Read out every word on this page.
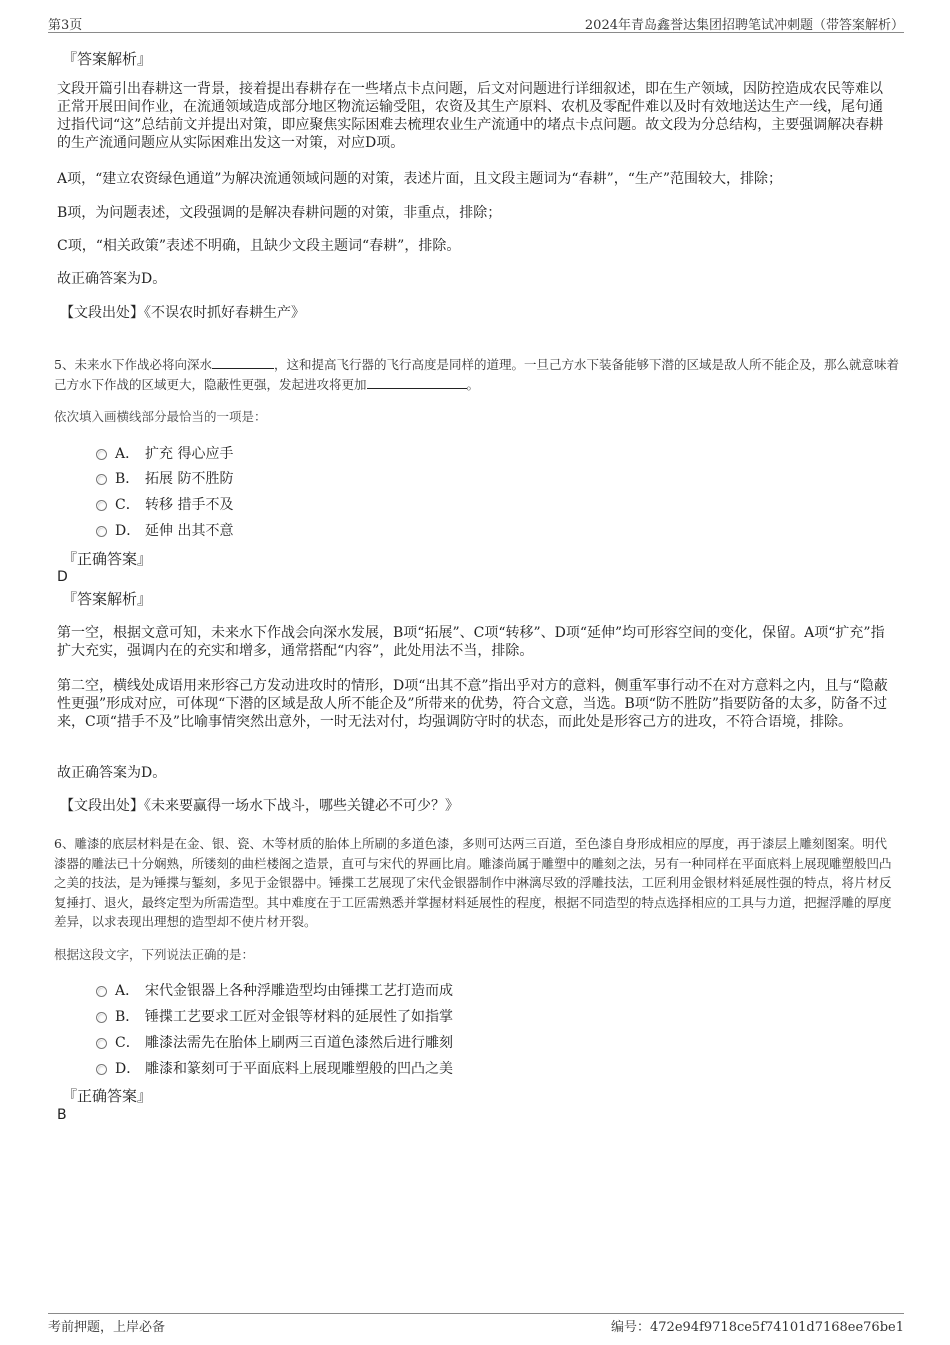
第3页	2024年青岛鑫誉达集团招聘笔试冲刺题（带答案解析）
『答案解析』
文段开篇引出春耕这一背景，接着提出春耕存在一些堵点卡点问题，后文对问题进行详细叙述，即在生产领域，因防控造成农民等难以正常开展田间作业，在流通领域造成部分地区物流运输受阻，农资及其生产原料、农机及零配件难以及时有效地送达生产一线，尾句通过指代词“这”总结前文并提出对策，即应聚焦实际困难去梳理农业生产流通中的堵点卡点问题。故文段为分总结构，主要强调解决春耕的生产流通问题应从实际困难出发这一对策，对应D项。
A项，“建立农资绿色通道”为解决流通领域问题的对策，表述片面，且文段主题词为“春耕”，“生产”范围较大，排除；
B项，为问题表述，文段强调的是解决春耕问题的对策，非重点，排除；
C项，“相关政策”表述不明确，且缺少文段主题词“春耕”，排除。
故正确答案为D。
【文段出处】《不误农时抓好春耕生产》
5、未来水下作战必将向深水	，这和提高飞行器的飞行高度是同样的道理。一旦己方水下装备能够下潜的区域是敌人所不能企及，那么就意味着己方水下作战的区域更大，隐蔽性更强，发起进攻将更加	。
依次填入画横线部分最恰当的一项是：
A． 扩充 得心应手
B． 拓展 防不胜防
C． 转移 措手不及
D． 延伸 出其不意
『正确答案』
D
『答案解析』
第一空，根据文意可知，未来水下作战会向深水发展，B项“拓展”、C项“转移”、D项“延伸”均可形容空间的变化，保留。A项“扩充”指扩大充实，强调内在的充实和增多，通常搭配“内容”，此处用法不当，排除。
第二空，横线处成语用来形容己方发动进攻时的情形，D项“出其不意”指出乎对方的意料，侧重军事行动不在对方意料之内，且与“隐蔽性更强”形成对应，可体现“下潜的区域是敌人所不能企及”所带来的优势，符合文意，当选。B项“防不胜防”指要防备的太多，防备不过来，C项“措手不及”比喻事情突然出意外，一时无法对付，均强调防守时的状态，而此处是形容己方的进攻，不符合语境，排除。
故正确答案为D。
【文段出处】《未来要赢得一场水下战斗，哪些关键必不可少？》
6、雕漆的底层材料是在金、银、瓷、木等材质的胎体上所刷的多道色漆，多则可达两三百道，至色漆自身形成相应的厚度，再于漆层上雕刻图案。明代漆器的雕法已十分娴熟，所镂刻的曲栏楼阁之造景，直可与宋代的界画比肩。雕漆尚属于雕塑中的雕刻之法，另有一种同样在平面底料上展现雕塑般凹凸之美的技法，是为锤揲与錾刻，多见于金银器中。锤揲工艺展现了宋代金银器制作中淋漓尽致的浮雕技法，工匠利用金银材料延展性强的特点，将片材反复捶打、退火，最终定型为所需造型。其中难度在于工匠需熟悉并掌握材料延展性的程度，根据不同造型的特点选择相应的工具与力道，把握浮雕的厚度差异，以求表现出理想的造型却不使片材开裂。
根据这段文字，下列说法正确的是：
A． 宋代金银器上各种浮雕造型均由锤揲工艺打造而成
B． 锤揲工艺要求工匠对金银等材料的延展性了如指掌
C． 雕漆法需先在胎体上刷两三百道色漆然后进行雕刻
D． 雕漆和篆刻可于平面底料上展现雕塑般的凹凸之美
『正确答案』
B
考前押题，上岸必备	编号：472e94f9718ce5f74101d7168ee76be1
